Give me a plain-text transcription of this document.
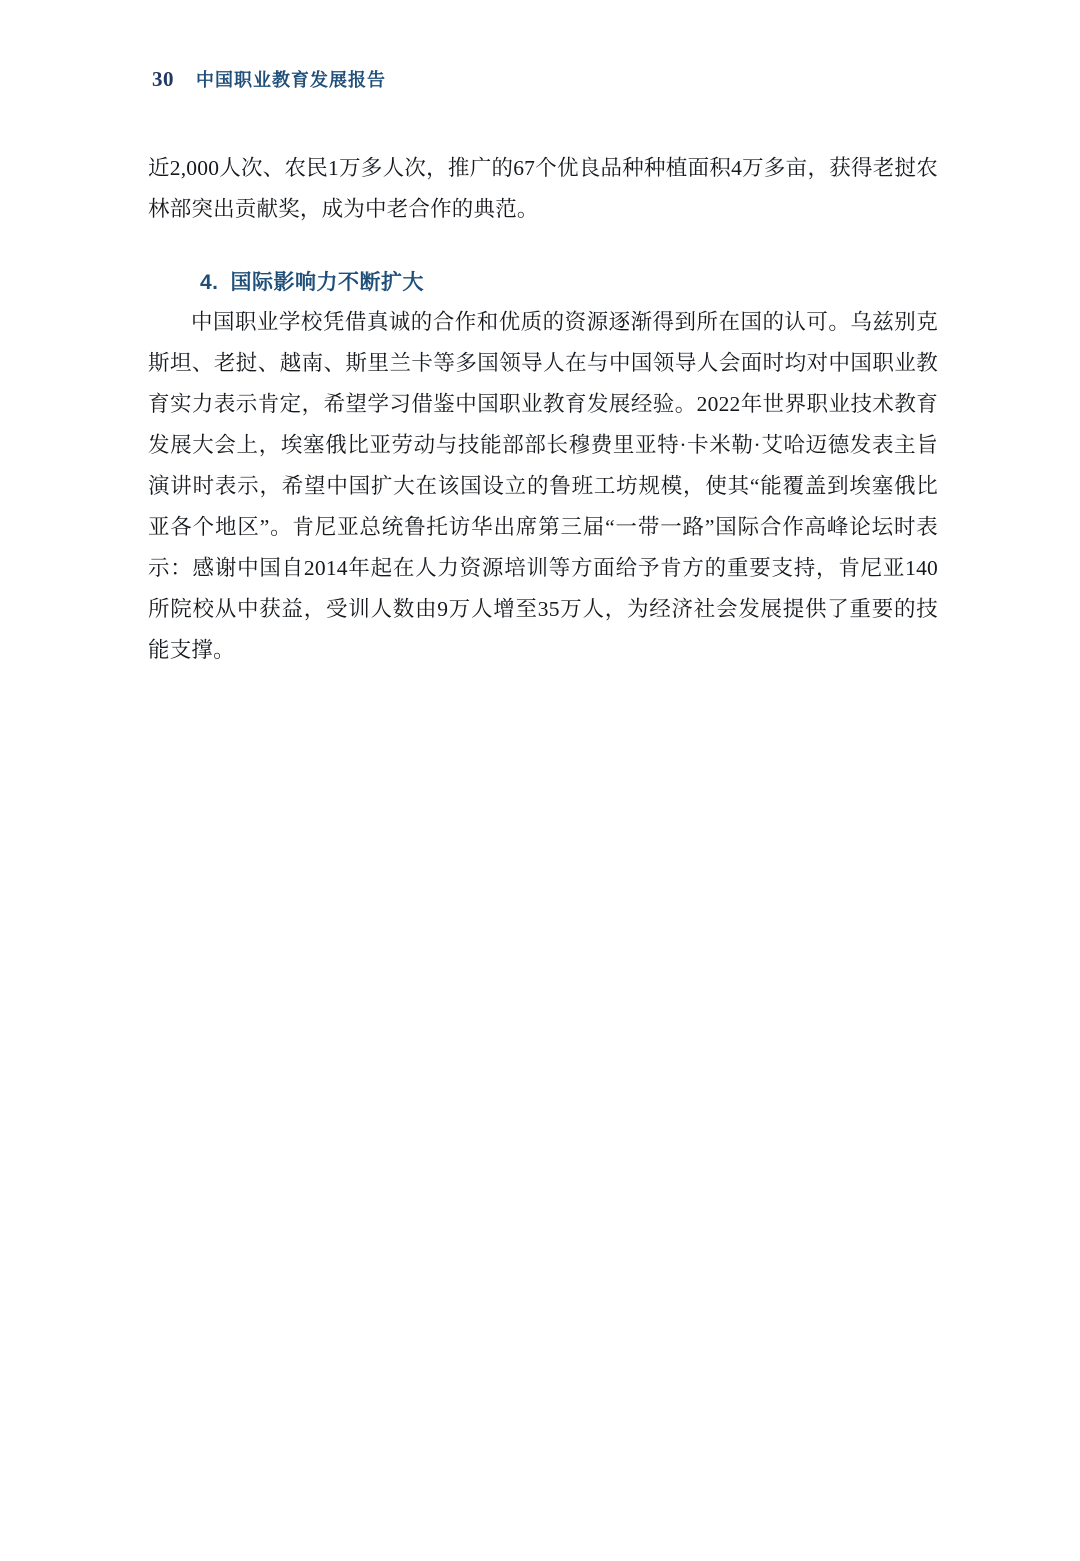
30 中国职业教育发展报告

近2,000人次、农民1万多人次，推广的67个优良品种种植面积4万多亩，获得老挝农林部突出贡献奖，成为中老合作的典范。

4. 国际影响力不断扩大

中国职业学校凭借真诚的合作和优质的资源逐渐得到所在国的认可。乌兹别克斯坦、老挝、越南、斯里兰卡等多国领导人在与中国领导人会面时均对中国职业教育实力表示肯定，希望学习借鉴中国职业教育发展经验。2022年世界职业技术教育发展大会上，埃塞俄比亚劳动与技能部部长穆费里亚特·卡米勒·艾哈迈德发表主旨演讲时表示，希望中国扩大在该国设立的鲁班工坊规模，使其“能覆盖到埃塞俄比亚各个地区”。肯尼亚总统鲁托访华出席第三届“一带一路”国际合作高峰论坛时表示：感谢中国自2014年起在人力资源培训等方面给予肯方的重要支持，肯尼亚140所院校从中获益，受训人数由9万人增至35万人，为经济社会发展提供了重要的技能支撑。
